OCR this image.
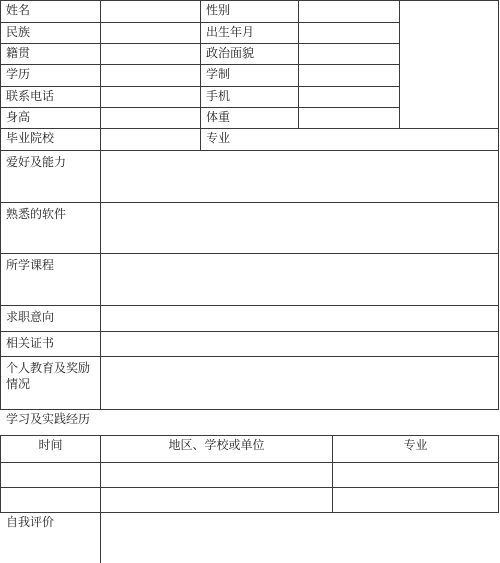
姓名
民族
籍贯
学历
联系电话
身高
毕业院校
性别
出生年月
政治面貌
学制
手机
体重
专业
爱好及能力
熟悉的软件
所学课程
求职意向
相关证书
个人教育及奖励
情况
学习及实践经历
时间	地区、学校或单位	专业
自我评价
